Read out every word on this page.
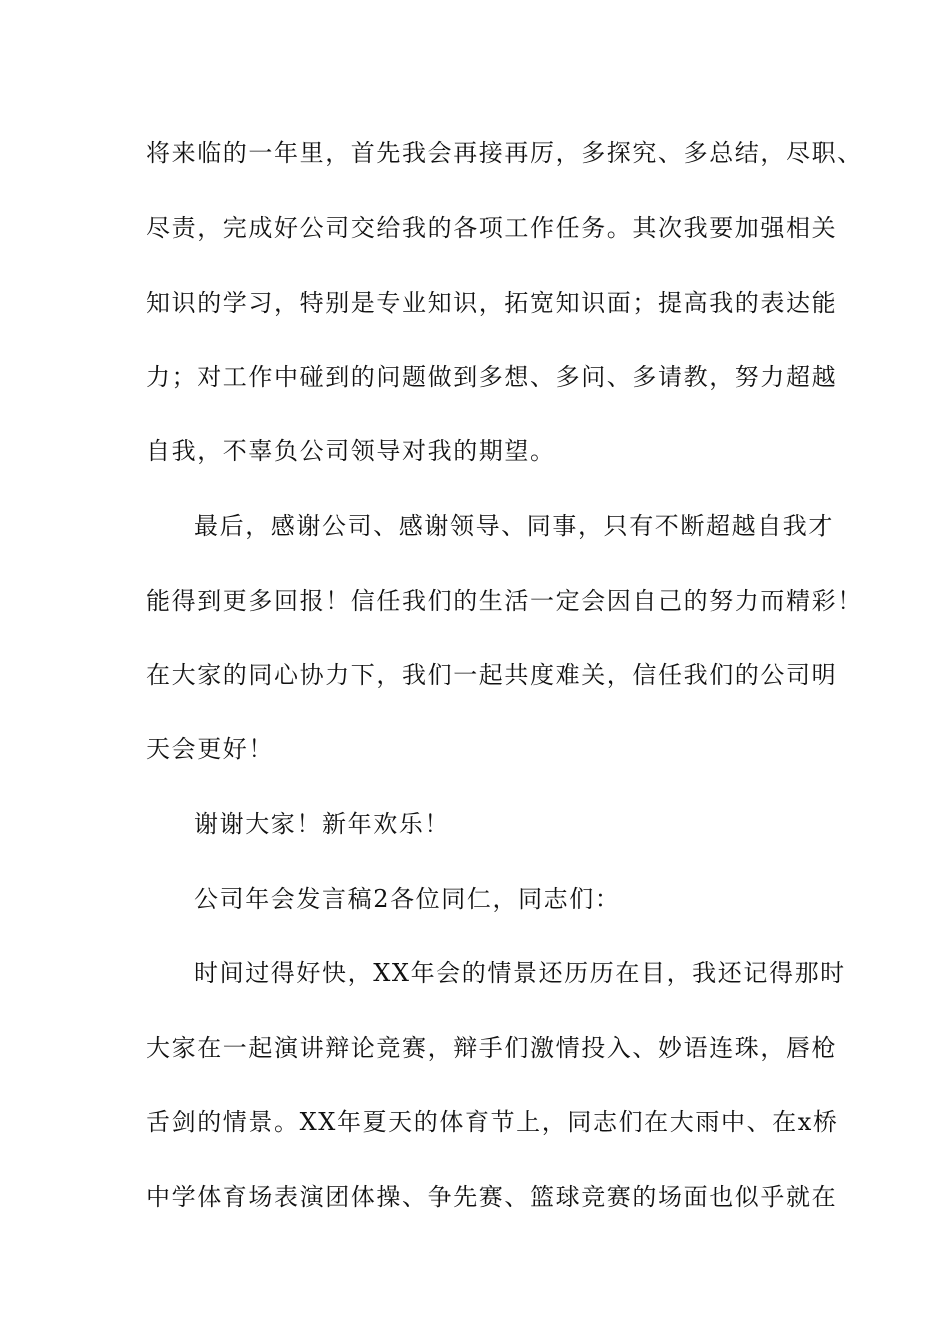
将来临的一年里，首先我会再接再厉，多探究、多总结，尽职、
尽责，完成好公司交给我的各项工作任务。其次我要加强相关
知识的学习，特别是专业知识，拓宽知识面；提高我的表达能
力；对工作中碰到的问题做到多想、多问、多请教，努力超越
自我，不辜负公司领导对我的期望。
最后，感谢公司、感谢领导、同事，只有不断超越自我才
能得到更多回报！信任我们的生活一定会因自己的努力而精彩！
在大家的同心协力下，我们一起共度难关，信任我们的公司明
天会更好！
谢谢大家！新年欢乐！
公司年会发言稿2各位同仁，同志们：
时间过得好快，XX年会的情景还历历在目，我还记得那时
大家在一起演讲辩论竞赛，辩手们激情投入、妙语连珠，唇枪
舌剑的情景。XX年夏天的体育节上，同志们在大雨中、在x桥
中学体育场表演团体操、争先赛、篮球竞赛的场面也似乎就在
